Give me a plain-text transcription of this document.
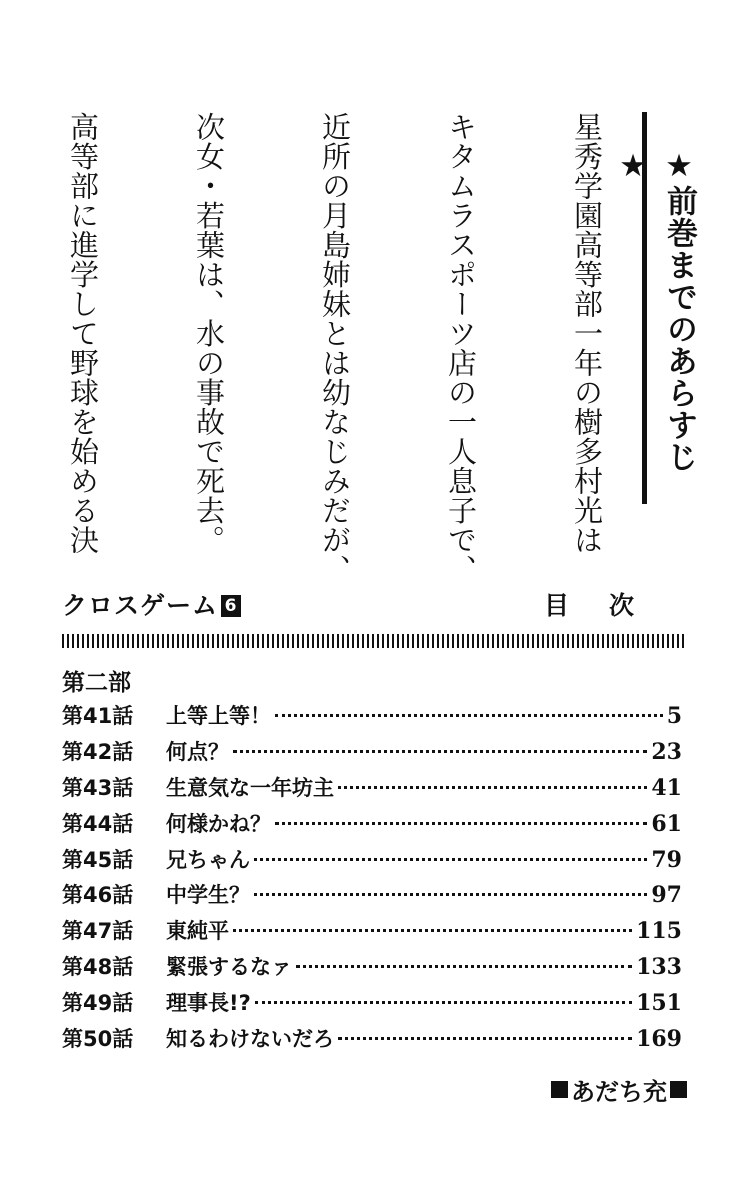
星秀学園高等部一年の樹多村光は

キタムラスポーツ店の一人息子で、

近所の月島姉妹とは幼なじみだが、

次女・若葉は、水の事故で死去。

高等部に進学して野球を始める決

	★前巻までのあらすじ★
クロスゲーム 6	目次
第二部
第41話	上等上等！	5
第42話	何点？	23
第43話	生意気な一年坊主	41
第44話	何様かね？	61
第45話	兄ちゃん	79
第46話	中学生？	97
第47話	東純平	115
第48話	緊張するなァ	133
第49話	理事長!?	151
第50話	知るわけないだろ	169
あだち充
